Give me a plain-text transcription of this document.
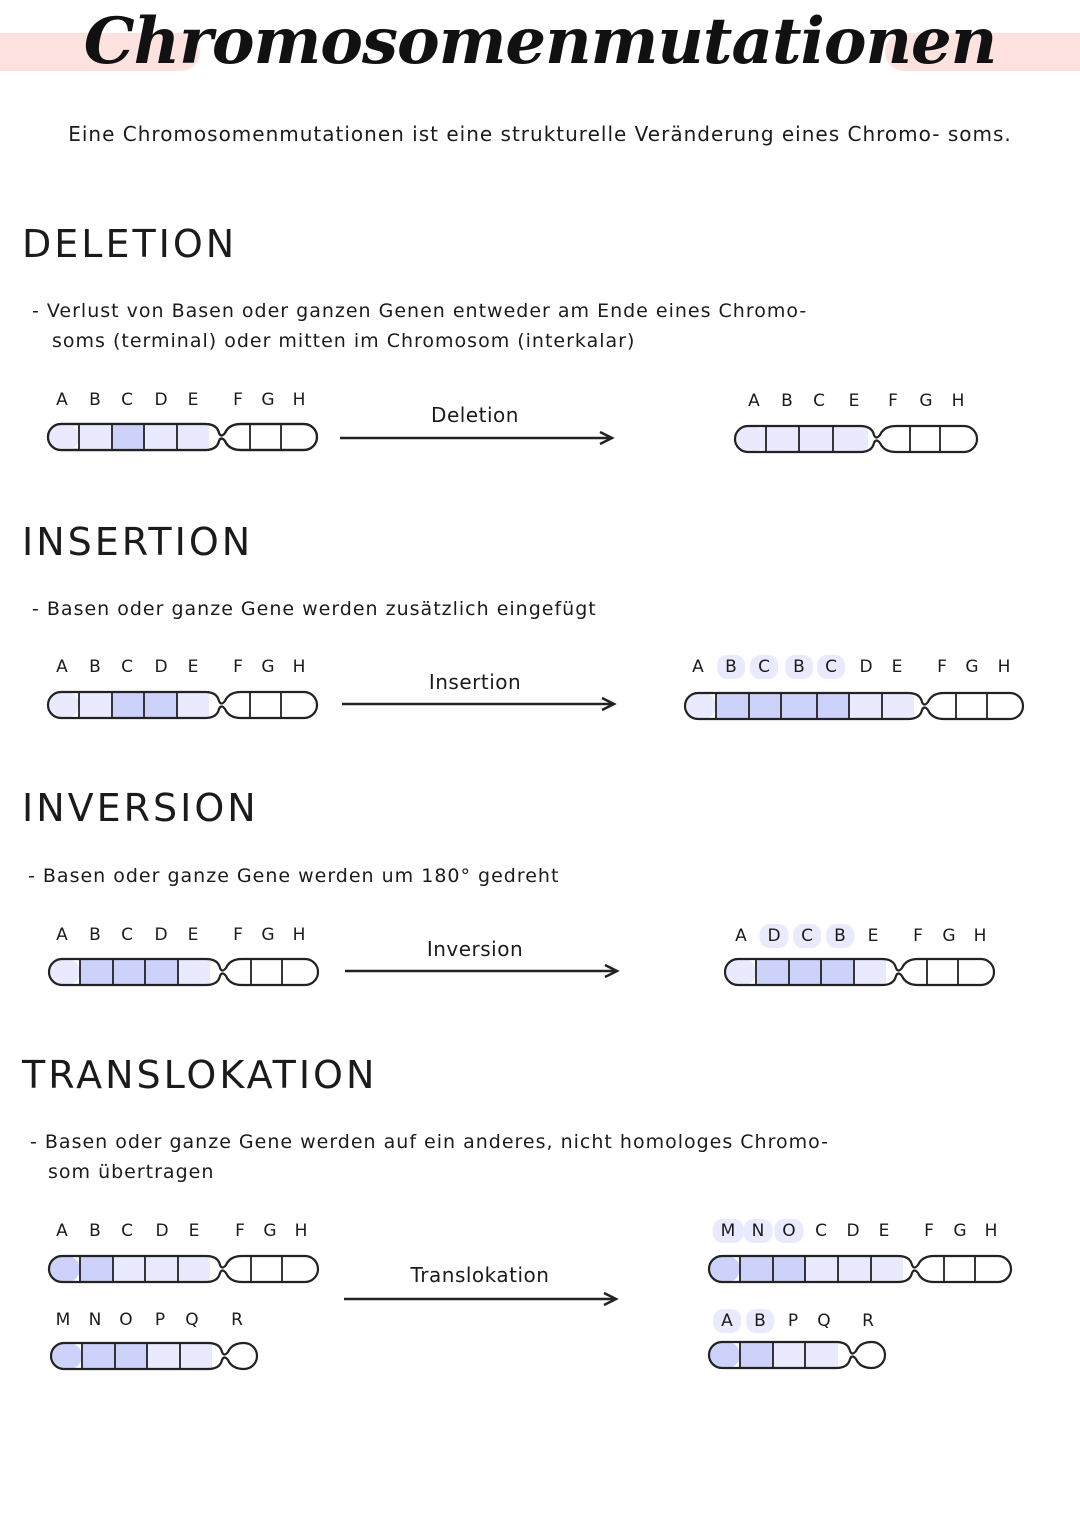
Chromosomenmutationen
Eine Chromosomenmutationen ist eine strukturelle Veränderung eines Chromo- soms.
DELETION
- Verlust von Basen oder ganzen Genen entweder am Ende eines Chromo-
soms (terminal) oder mitten im Chromosom (interkalar)
A B C D E F G H
Deletion
A B C E F G H
INSERTION
- Basen oder ganze Gene werden zusätzlich eingefügt
A B C D E F G H
Insertion
A B C B C D E F G H
INVERSION
- Basen oder ganze Gene werden um 180° gedreht
A B C D E F G H
Inversion
A D C B E F G H
TRANSLOKATION
- Basen oder ganze Gene werden auf ein anderes, nicht homologes Chromo-
som übertragen
A B C D E F G H
M N O P Q R
Translokation
M N O C D E F G H
A B P Q R
